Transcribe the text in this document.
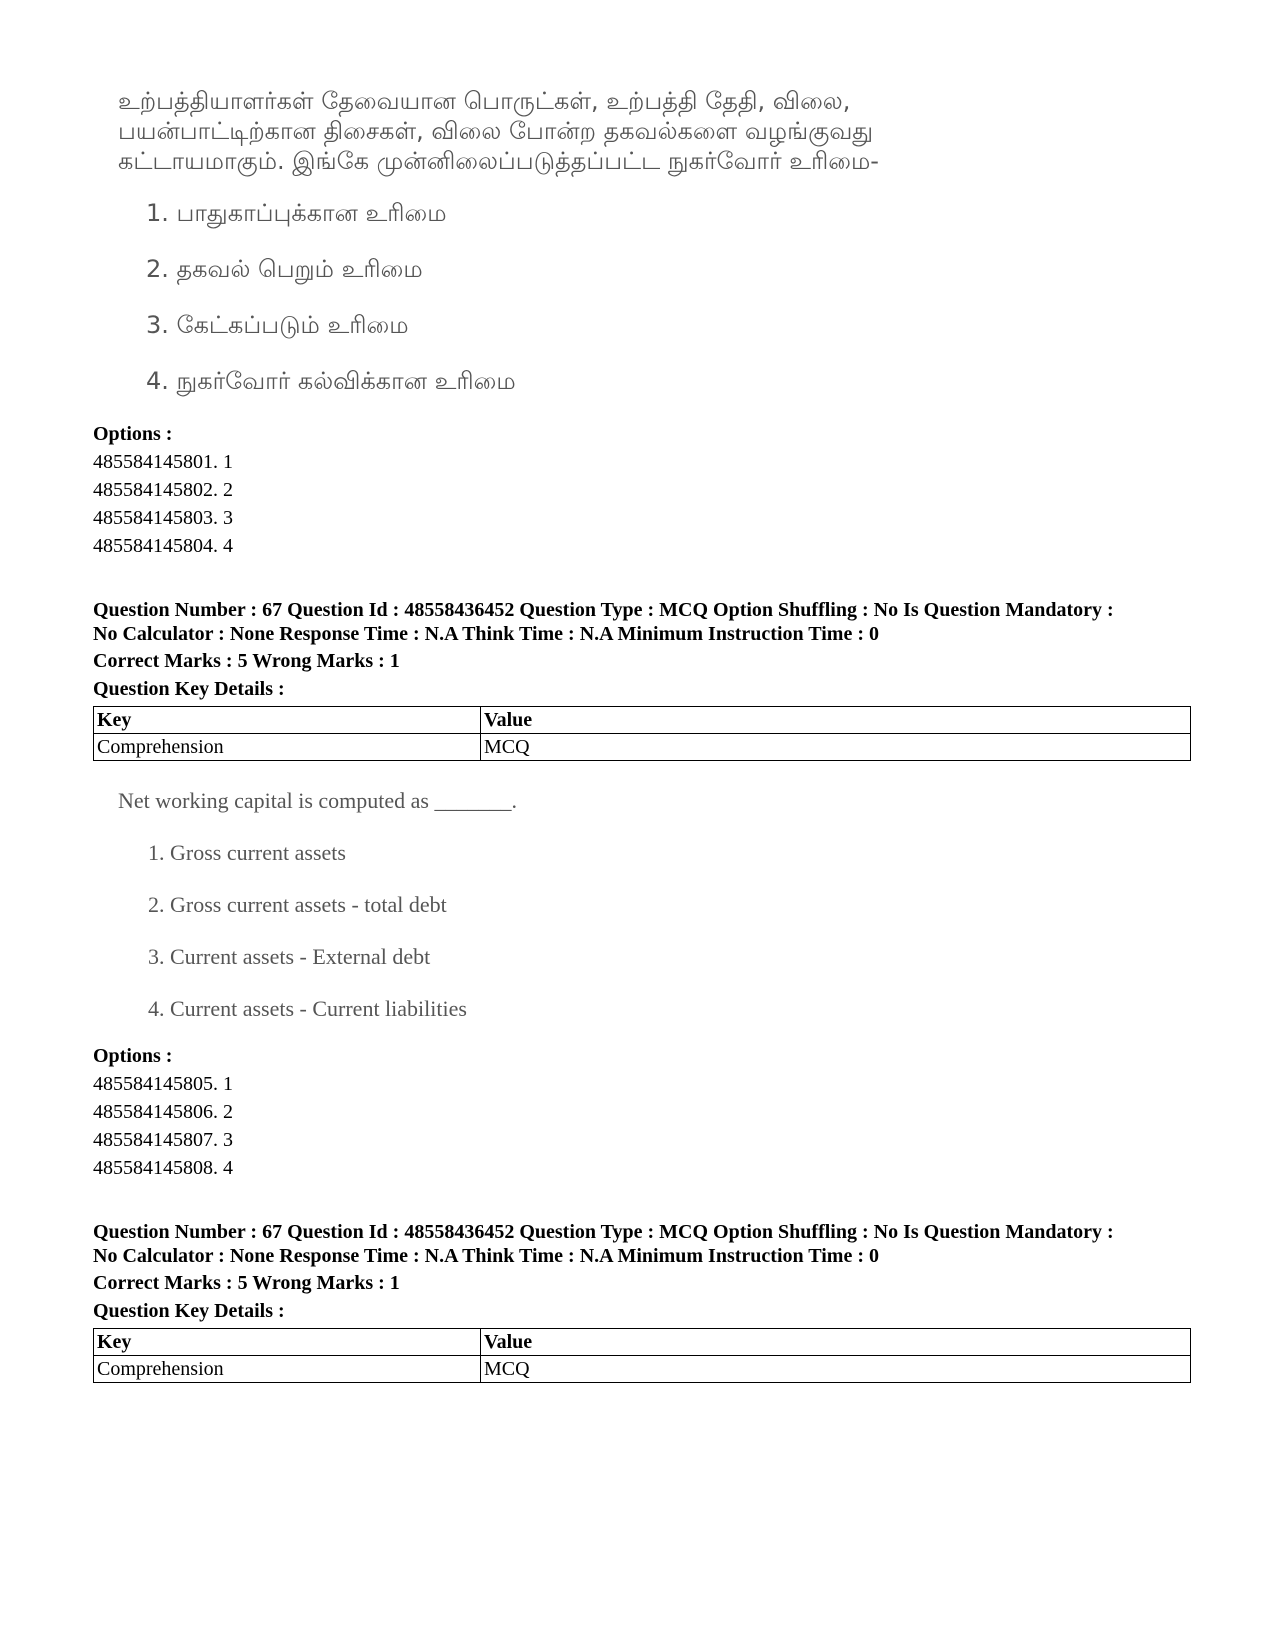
உற்பத்தியாளர்கள் தேவையான பொருட்கள், உற்பத்தி தேதி, விலை,
பயன்பாட்டிற்கான திசைகள், விலை போன்ற தகவல்களை வழங்குவது
கட்டாயமாகும். இங்கே முன்னிலைப்படுத்தப்பட்ட நுகர்வோர் உரிமை-
1. பாதுகாப்புக்கான உரிமை
2. தகவல் பெறும் உரிமை
3. கேட்கப்படும் உரிமை
4. நுகர்வோர் கல்விக்கான உரிமை
Options :
485584145801. 1
485584145802. 2
485584145803. 3
485584145804. 4
Question Number : 67 Question Id : 48558436452 Question Type : MCQ Option Shuffling : No Is Question Mandatory :
No Calculator : None Response Time : N.A Think Time : N.A Minimum Instruction Time : 0
Correct Marks : 5 Wrong Marks : 1
Question Key Details :
Key	Value
Comprehension	MCQ
Net working capital is computed as _______.
1. Gross current assets
2. Gross current assets - total debt
3. Current assets - External debt
4. Current assets - Current liabilities
Options :
485584145805. 1
485584145806. 2
485584145807. 3
485584145808. 4
Question Number : 67 Question Id : 48558436452 Question Type : MCQ Option Shuffling : No Is Question Mandatory :
No Calculator : None Response Time : N.A Think Time : N.A Minimum Instruction Time : 0
Correct Marks : 5 Wrong Marks : 1
Question Key Details :
Key	Value
Comprehension	MCQ
